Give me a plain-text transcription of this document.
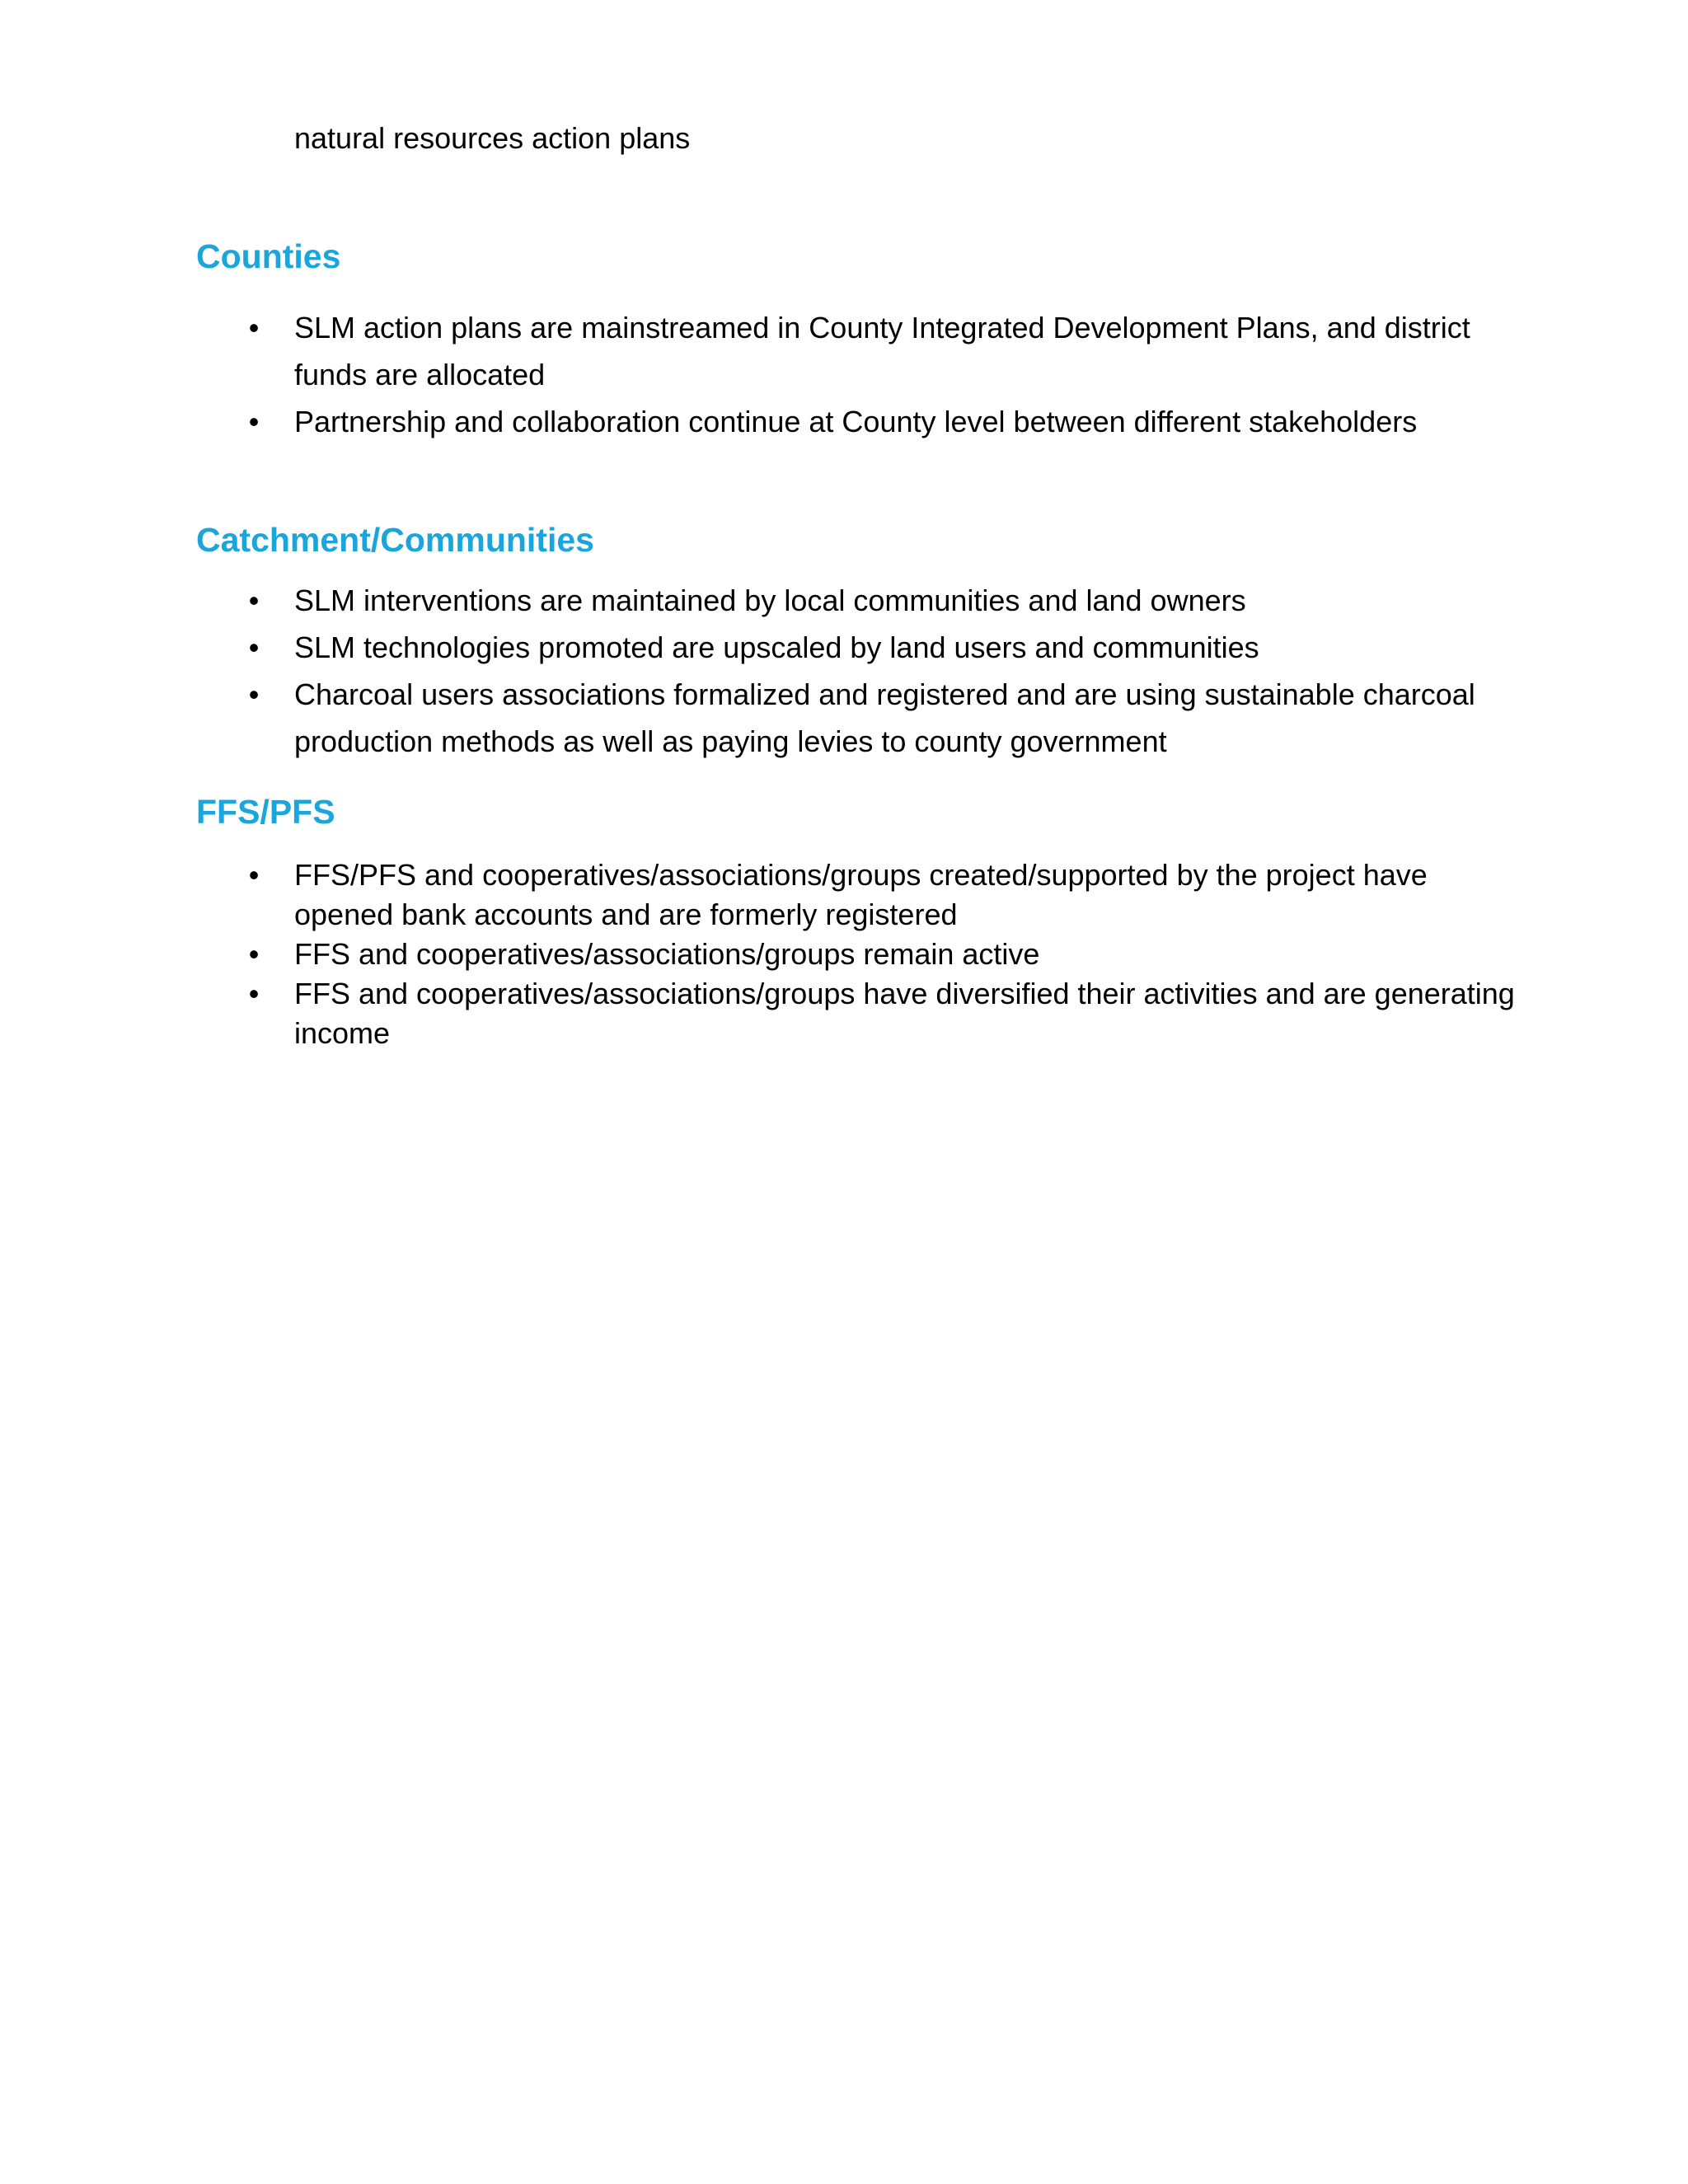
natural resources action plans

Counties
• SLM action plans are mainstreamed in County Integrated Development Plans, and district funds are allocated
• Partnership and collaboration continue at County level between different stakeholders
Catchment/Communities
• SLM interventions are maintained by local communities and land owners
• SLM technologies promoted are upscaled by land users and communities
• Charcoal users associations formalized and registered and are using sustainable charcoal production methods as well as paying levies to county government
FFS/PFS
• FFS/PFS and cooperatives/associations/groups created/supported by the project have opened bank accounts and are formerly registered
• FFS and cooperatives/associations/groups remain active
• FFS and cooperatives/associations/groups have diversified their activities and are generating income
